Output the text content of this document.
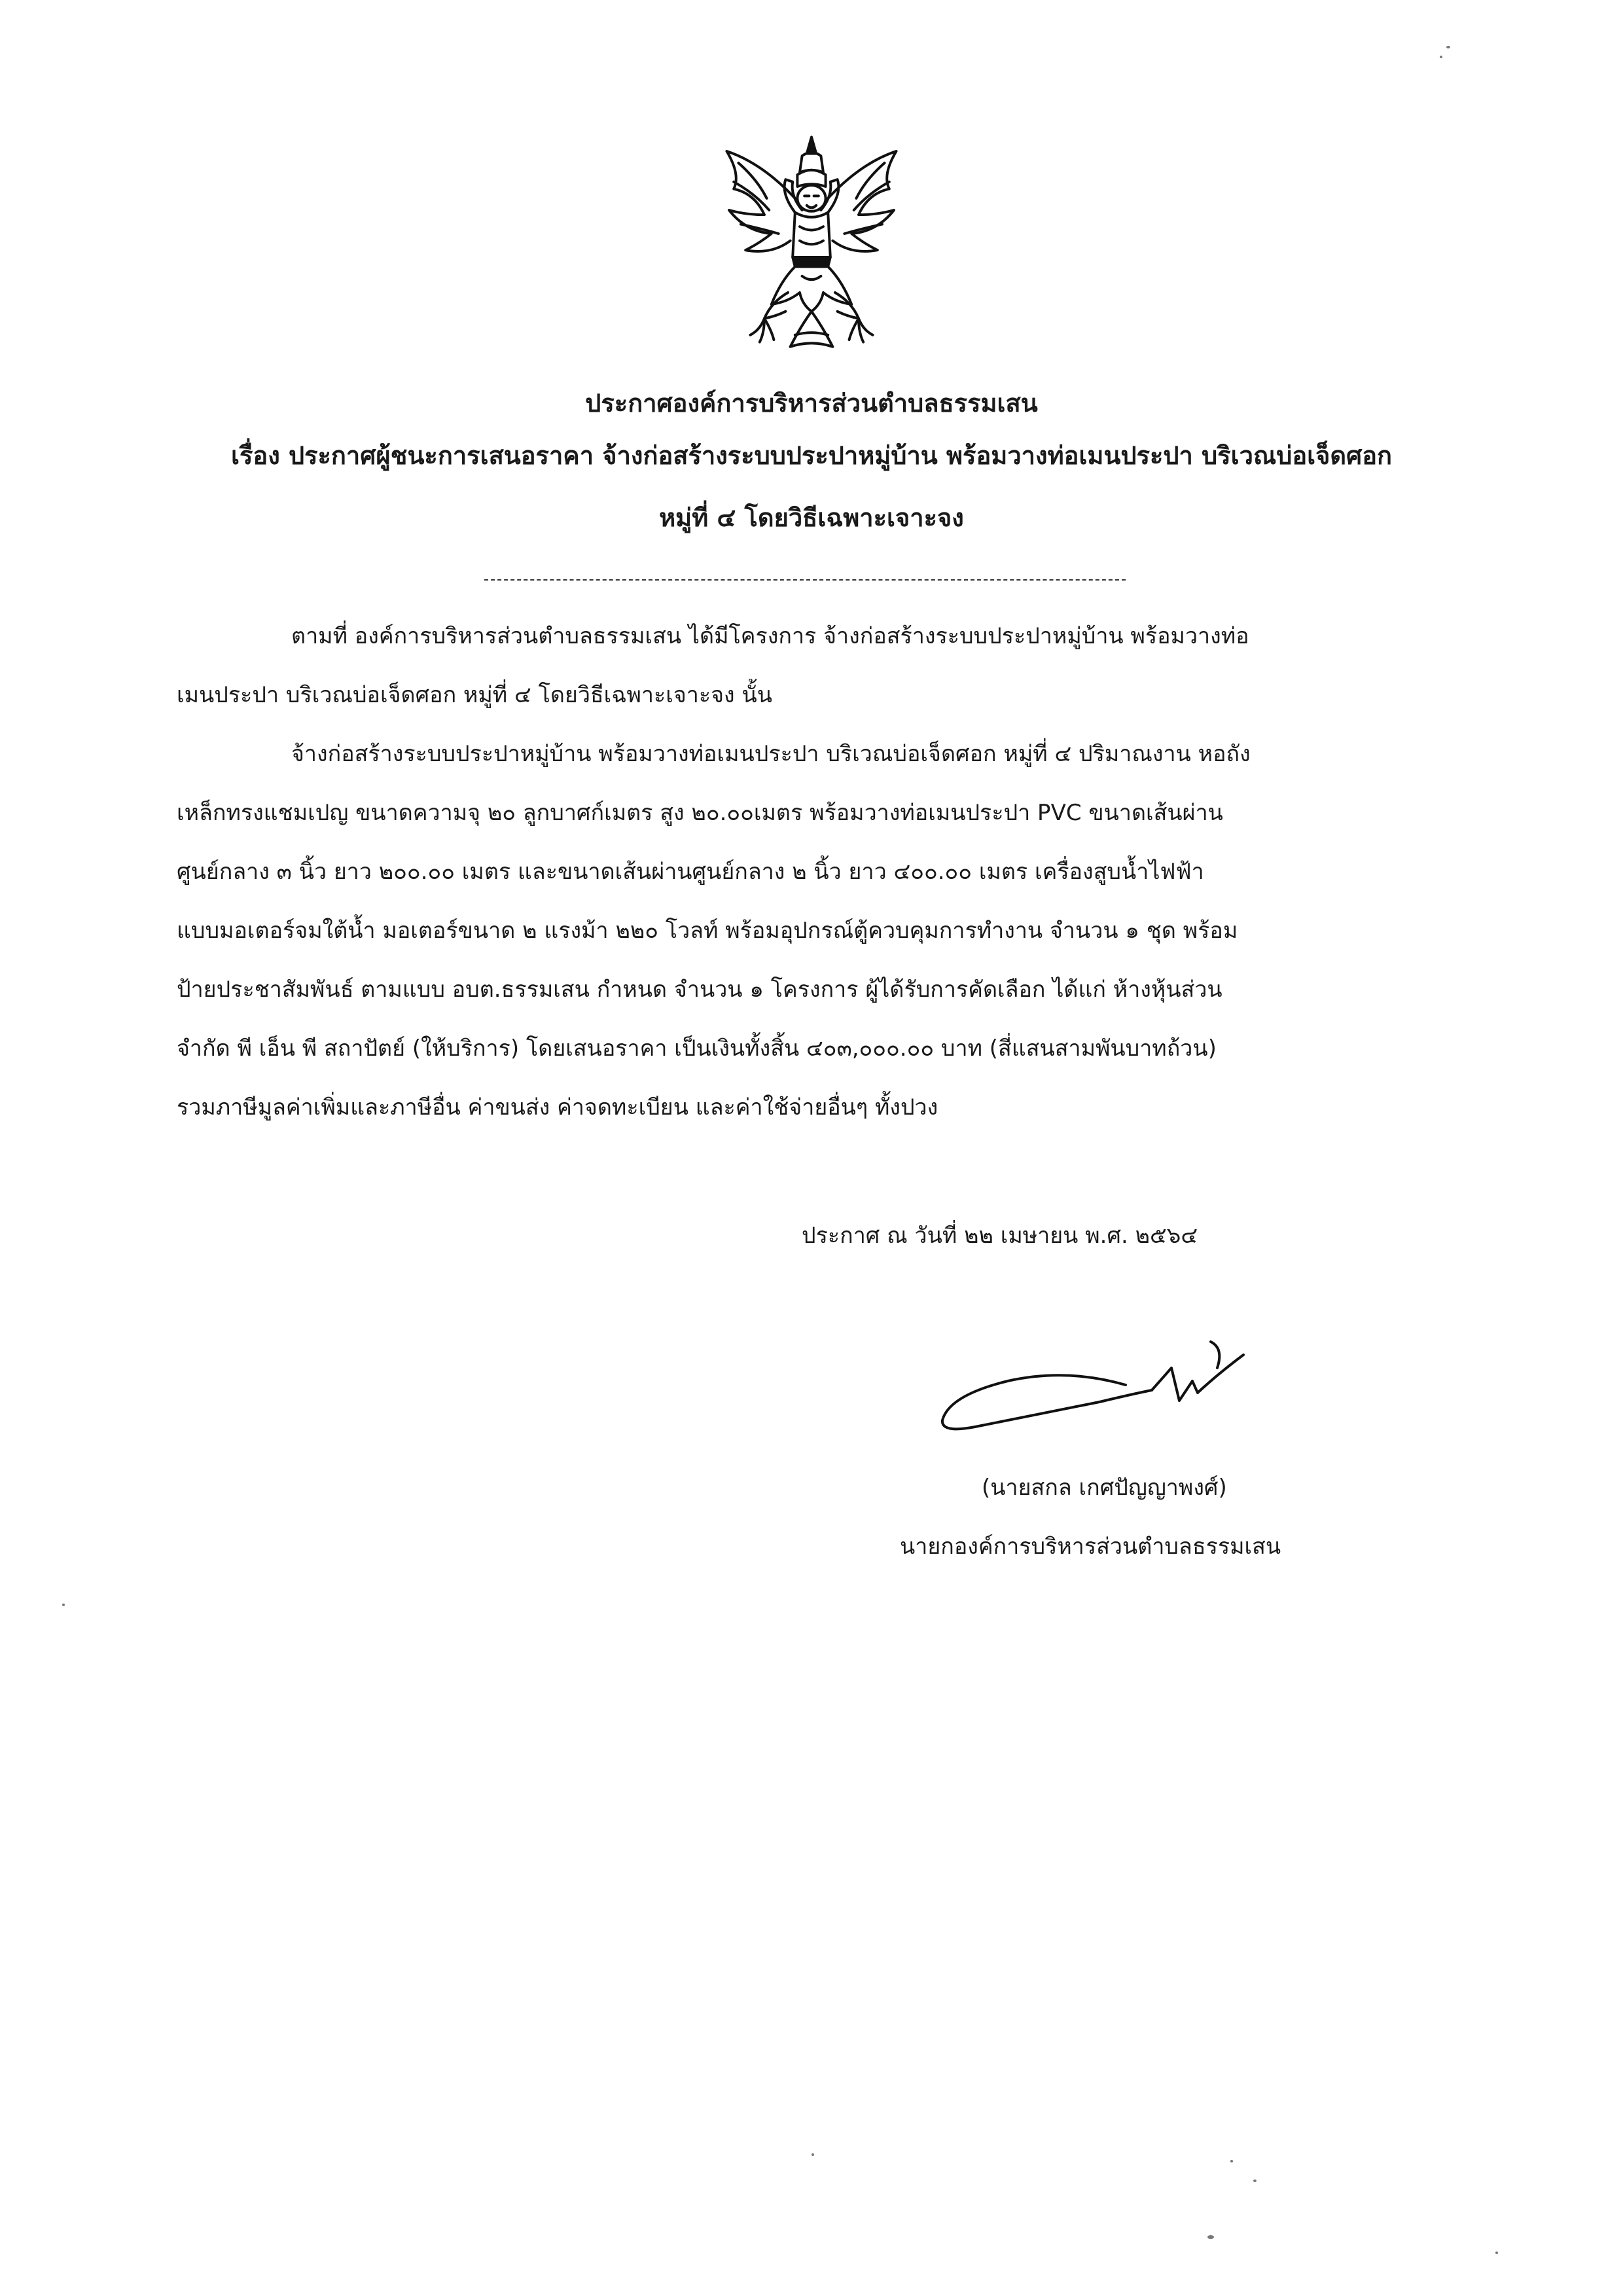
ประกาศองค์การบริหารส่วนตำบลธรรมเสน
เรื่อง ประกาศผู้ชนะการเสนอราคา จ้างก่อสร้างระบบประปาหมู่บ้าน พร้อมวางท่อเมนประปา บริเวณบ่อเจ็ดศอก
หมู่ที่ ๔ โดยวิธีเฉพาะเจาะจง
ตามที่ องค์การบริหารส่วนตำบลธรรมเสน ได้มีโครงการ จ้างก่อสร้างระบบประปาหมู่บ้าน พร้อมวางท่อ
เมนประปา บริเวณบ่อเจ็ดศอก หมู่ที่ ๔ โดยวิธีเฉพาะเจาะจง นั้น
จ้างก่อสร้างระบบประปาหมู่บ้าน พร้อมวางท่อเมนประปา บริเวณบ่อเจ็ดศอก หมู่ที่ ๔ ปริมาณงาน หอถัง
เหล็กทรงแชมเปญ ขนาดความจุ ๒๐ ลูกบาศก์เมตร สูง ๒๐.๐๐เมตร พร้อมวางท่อเมนประปา PVC ขนาดเส้นผ่าน
ศูนย์กลาง ๓ นิ้ว ยาว ๒๐๐.๐๐ เมตร และขนาดเส้นผ่านศูนย์กลาง ๒ นิ้ว ยาว ๔๐๐.๐๐ เมตร เครื่องสูบน้ำไฟฟ้า
แบบมอเตอร์จมใต้น้ำ มอเตอร์ขนาด ๒ แรงม้า ๒๒๐ โวลท์ พร้อมอุปกรณ์ตู้ควบคุมการทำงาน จำนวน ๑ ชุด พร้อม
ป้ายประชาสัมพันธ์ ตามแบบ อบต.ธรรมเสน กำหนด จำนวน ๑ โครงการ ผู้ได้รับการคัดเลือก ได้แก่ ห้างหุ้นส่วน
จำกัด พี เอ็น พี สถาปัตย์ (ให้บริการ) โดยเสนอราคา เป็นเงินทั้งสิ้น ๔๐๓,๐๐๐.๐๐ บาท (สี่แสนสามพันบาทถ้วน)
รวมภาษีมูลค่าเพิ่มและภาษีอื่น ค่าขนส่ง ค่าจดทะเบียน และค่าใช้จ่ายอื่นๆ ทั้งปวง
ประกาศ ณ วันที่ ๒๒ เมษายน พ.ศ. ๒๕๖๔
(นายสกล เกศปัญญาพงศ์)
นายกองค์การบริหารส่วนตำบลธรรมเสน
